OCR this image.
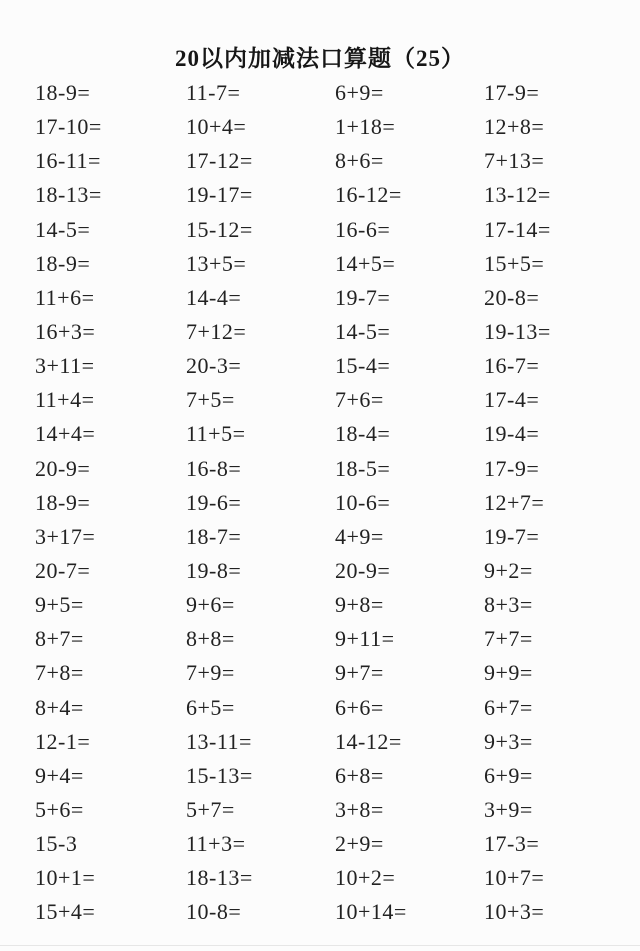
20以内加减法口算题（25）
18-9=	11-7=	6+9=	17-9=
17-10=	10+4=	1+18=	12+8=
16-11=	17-12=	8+6=	7+13=
18-13=	19-17=	16-12=	13-12=
14-5=	15-12=	16-6=	17-14=
18-9=	13+5=	14+5=	15+5=
11+6=	14-4=	19-7=	20-8=
16+3=	7+12=	14-5=	19-13=
3+11=	20-3=	15-4=	16-7=
11+4=	7+5=	7+6=	17-4=
14+4=	11+5=	18-4=	19-4=
20-9=	16-8=	18-5=	17-9=
18-9=	19-6=	10-6=	12+7=
3+17=	18-7=	4+9=	19-7=
20-7=	19-8=	20-9=	9+2=
9+5=	9+6=	9+8=	8+3=
8+7=	8+8=	9+11=	7+7=
7+8=	7+9=	9+7=	9+9=
8+4=	6+5=	6+6=	6+7=
12-1=	13-11=	14-12=	9+3=
9+4=	15-13=	6+8=	6+9=
5+6=	5+7=	3+8=	3+9=
15-3	11+3=	2+9=	17-3=
10+1=	18-13=	10+2=	10+7=
15+4=	10-8=	10+14=	10+3=
